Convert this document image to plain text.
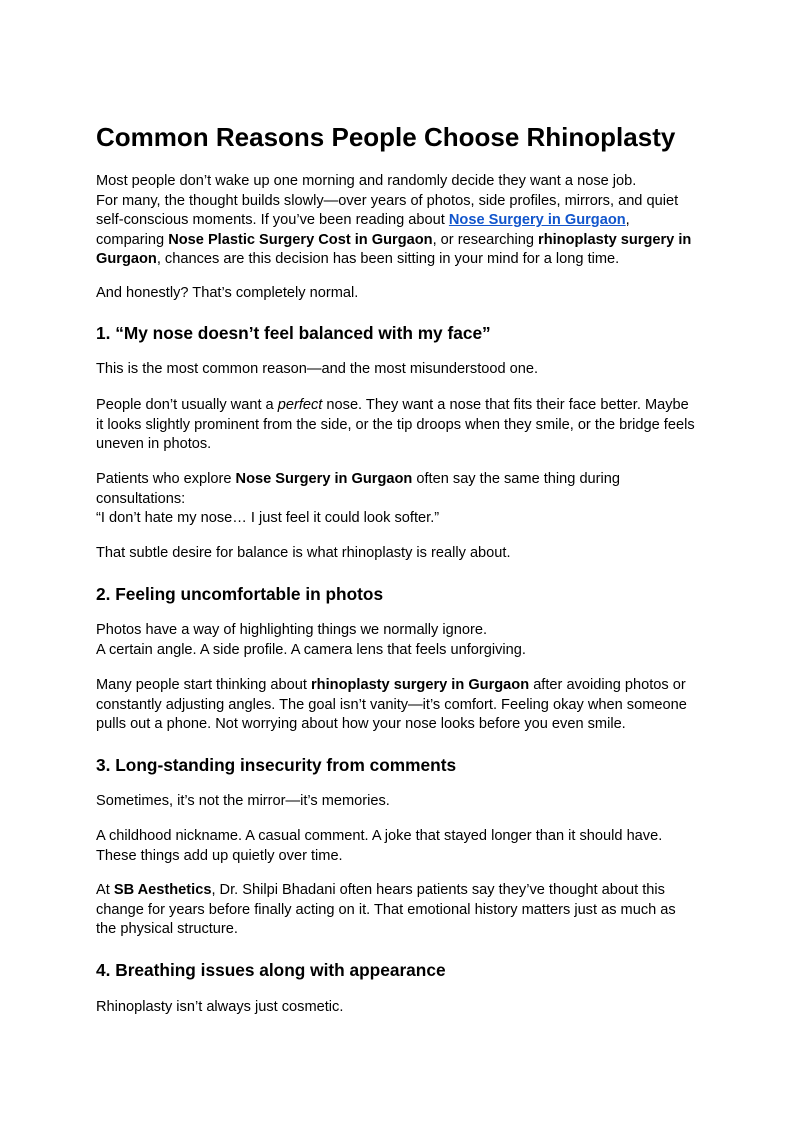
Common Reasons People Choose Rhinoplasty

Most people don’t wake up one morning and randomly decide they want a nose job.
For many, the thought builds slowly—over years of photos, side profiles, mirrors, and quiet
self-conscious moments. If you’ve been reading about Nose Surgery in Gurgaon,
comparing Nose Plastic Surgery Cost in Gurgaon, or researching rhinoplasty surgery in
Gurgaon, chances are this decision has been sitting in your mind for a long time.

And honestly? That’s completely normal.

1. “My nose doesn’t feel balanced with my face”

This is the most common reason—and the most misunderstood one.

People don’t usually want a perfect nose. They want a nose that fits their face better. Maybe
it looks slightly prominent from the side, or the tip droops when they smile, or the bridge feels
uneven in photos.

Patients who explore Nose Surgery in Gurgaon often say the same thing during
consultations:
“I don’t hate my nose… I just feel it could look softer.”

That subtle desire for balance is what rhinoplasty is really about.

2. Feeling uncomfortable in photos

Photos have a way of highlighting things we normally ignore.
A certain angle. A side profile. A camera lens that feels unforgiving.

Many people start thinking about rhinoplasty surgery in Gurgaon after avoiding photos or
constantly adjusting angles. The goal isn’t vanity—it’s comfort. Feeling okay when someone
pulls out a phone. Not worrying about how your nose looks before you even smile.

3. Long-standing insecurity from comments

Sometimes, it’s not the mirror—it’s memories.

A childhood nickname. A casual comment. A joke that stayed longer than it should have.
These things add up quietly over time.

At SB Aesthetics, Dr. Shilpi Bhadani often hears patients say they’ve thought about this
change for years before finally acting on it. That emotional history matters just as much as
the physical structure.

4. Breathing issues along with appearance

Rhinoplasty isn’t always just cosmetic.
